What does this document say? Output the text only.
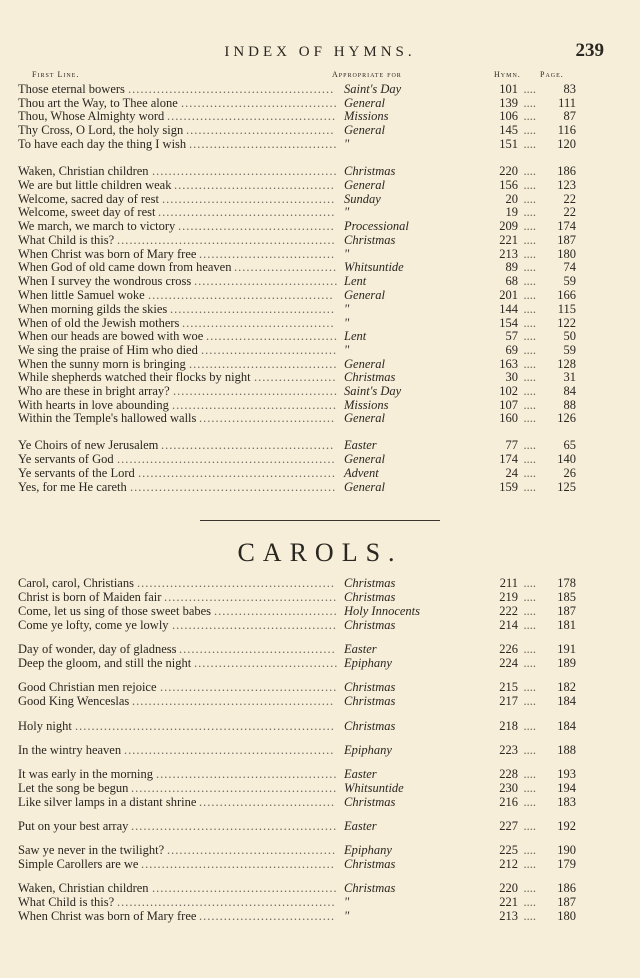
INDEX OF HYMNS.	239
First Line.	Appropriate for	Hymn. Page.
Those eternal bowers .................................................. Saint's Day	101 ....	83
Thou art the Way, to Thee alone ...................................... General	139 ....	111
Thou, Whose Almighty word ......................................... Missions	106 ....	87
Thy Cross, O Lord, the holy sign .................................... General	145 ....	116
To have each day the thing I wish .................................... "	151 ....	120
Waken, Christian children ............................................. Christmas	220 ....	186
We are but little children weak ....................................... General	156 ....	123
Welcome, sacred day of rest .......................................... Sunday	20 ....	22
Welcome, sweet day of rest ........................................... "	19 ....	22
We march, we march to victory ...................................... Processional	209 ....	174
What Child is this? ..................................................... Christmas	221 ....	187
When Christ was born of Mary free ................................. "	213 ....	180
When God of old came down from heaven ......................... Whitsuntide	89 ....	74
When I survey the wondrous cross ................................... Lent	68 ....	59
When little Samuel woke ............................................. General	201 ....	166
When morning gilds the skies ........................................ "	144 ....	115
When of old the Jewish mothers ..................................... "	154 ....	122
When our heads are bowed with woe ................................ Lent	57 ....	50
We sing the praise of Him who died ................................. "	69 ....	59
When the sunny morn is bringing .................................... General	163 ....	128
While shepherds watched their flocks by night .................... Christmas	30 ....	31
Who are these in bright array? ........................................ Saint's Day	102 ....	84
With hearts in love abounding ........................................ Missions	107 ....	88
Within the Temple's hallowed walls ................................. General	160 ....	126
Ye Choirs of new Jerusalem .......................................... Easter	77 ....	65
Ye servants of God ..................................................... General	174 ....	140
Ye servants of the Lord ................................................ Advent	24 ....	26
Yes, for me He careth .................................................. General	159 ....	125
CAROLS.
Carol, carol, Christians ................................................ Christmas	211 ....	178
Christ is born of Maiden fair .......................................... Christmas	219 ....	185
Come, let us sing of those sweet babes .............................. Holy Innocents	222 ....	187
Come ye lofty, come ye lowly ........................................ Christmas	214 ....	181
Day of wonder, day of gladness ...................................... Easter	226 ....	191
Deep the gloom, and still the night ................................... Epiphany	224 ....	189
Good Christian men rejoice ........................................... Christmas	215 ....	182
Good King Wenceslas ................................................. Christmas	217 ....	184
Holy night ............................................................... Christmas	218 ....	184
In the wintry heaven ................................................... Epiphany	223 ....	188
It was early in the morning ............................................ Easter	228 ....	193
Let the song be begun .................................................. Whitsuntide	230 ....	194
Like silver lamps in a distant shrine ................................. Christmas	216 ....	183
Put on your best array .................................................. Easter	227 ....	192
Saw ye never in the twilight? ......................................... Epiphany	225 ....	190
Simple Carollers are we ............................................... Christmas	212 ....	179
Waken, Christian children ............................................. Christmas	220 ....	186
What Child is this? ..................................................... "	221 ....	187
When Christ was born of Mary free ................................. "	213 ....	180
